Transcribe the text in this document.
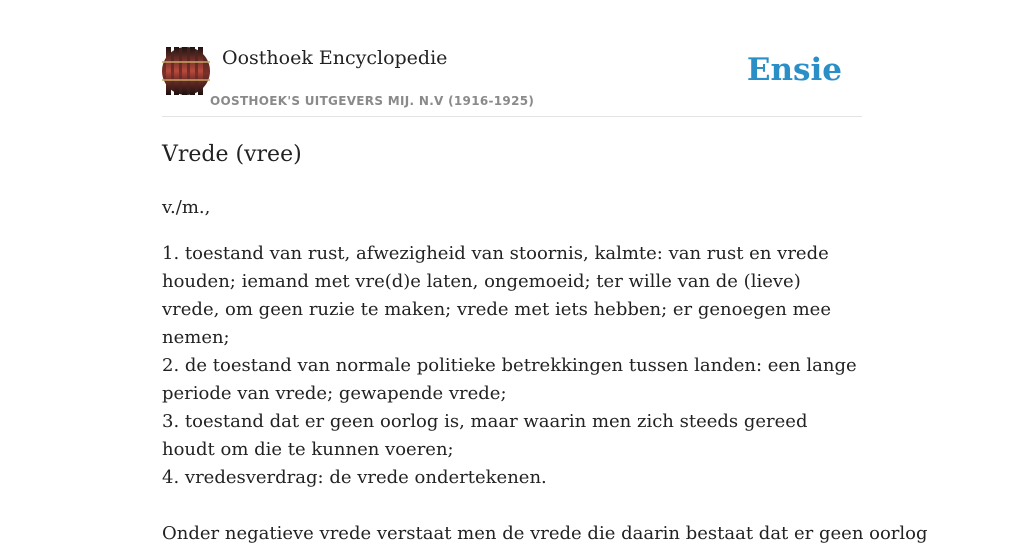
Oosthoek Encyclopedie
OOSTHOEK'S UITGEVERS MIJ. N.V (1916-1925)
Ensie
Vrede (vree)

v./m.,

1. toestand van rust, afwezigheid van stoornis, kalmte: van rust en vrede houden; iemand met vre(d)e laten, ongemoeid; ter wille van de (lieve) vrede, om geen ruzie te maken; vrede met iets hebben; er genoegen mee nemen;
2. de toestand van normale politieke betrekkingen tussen landen: een lange periode van vrede; gewapende vrede;
3. toestand dat er geen oorlog is, maar waarin men zich steeds gereed houdt om die te kunnen voeren;
4. vredesverdrag: de vrede ondertekenen.

Onder negatieve vrede verstaat men de vrede die daarin bestaat dat er geen oorlog
